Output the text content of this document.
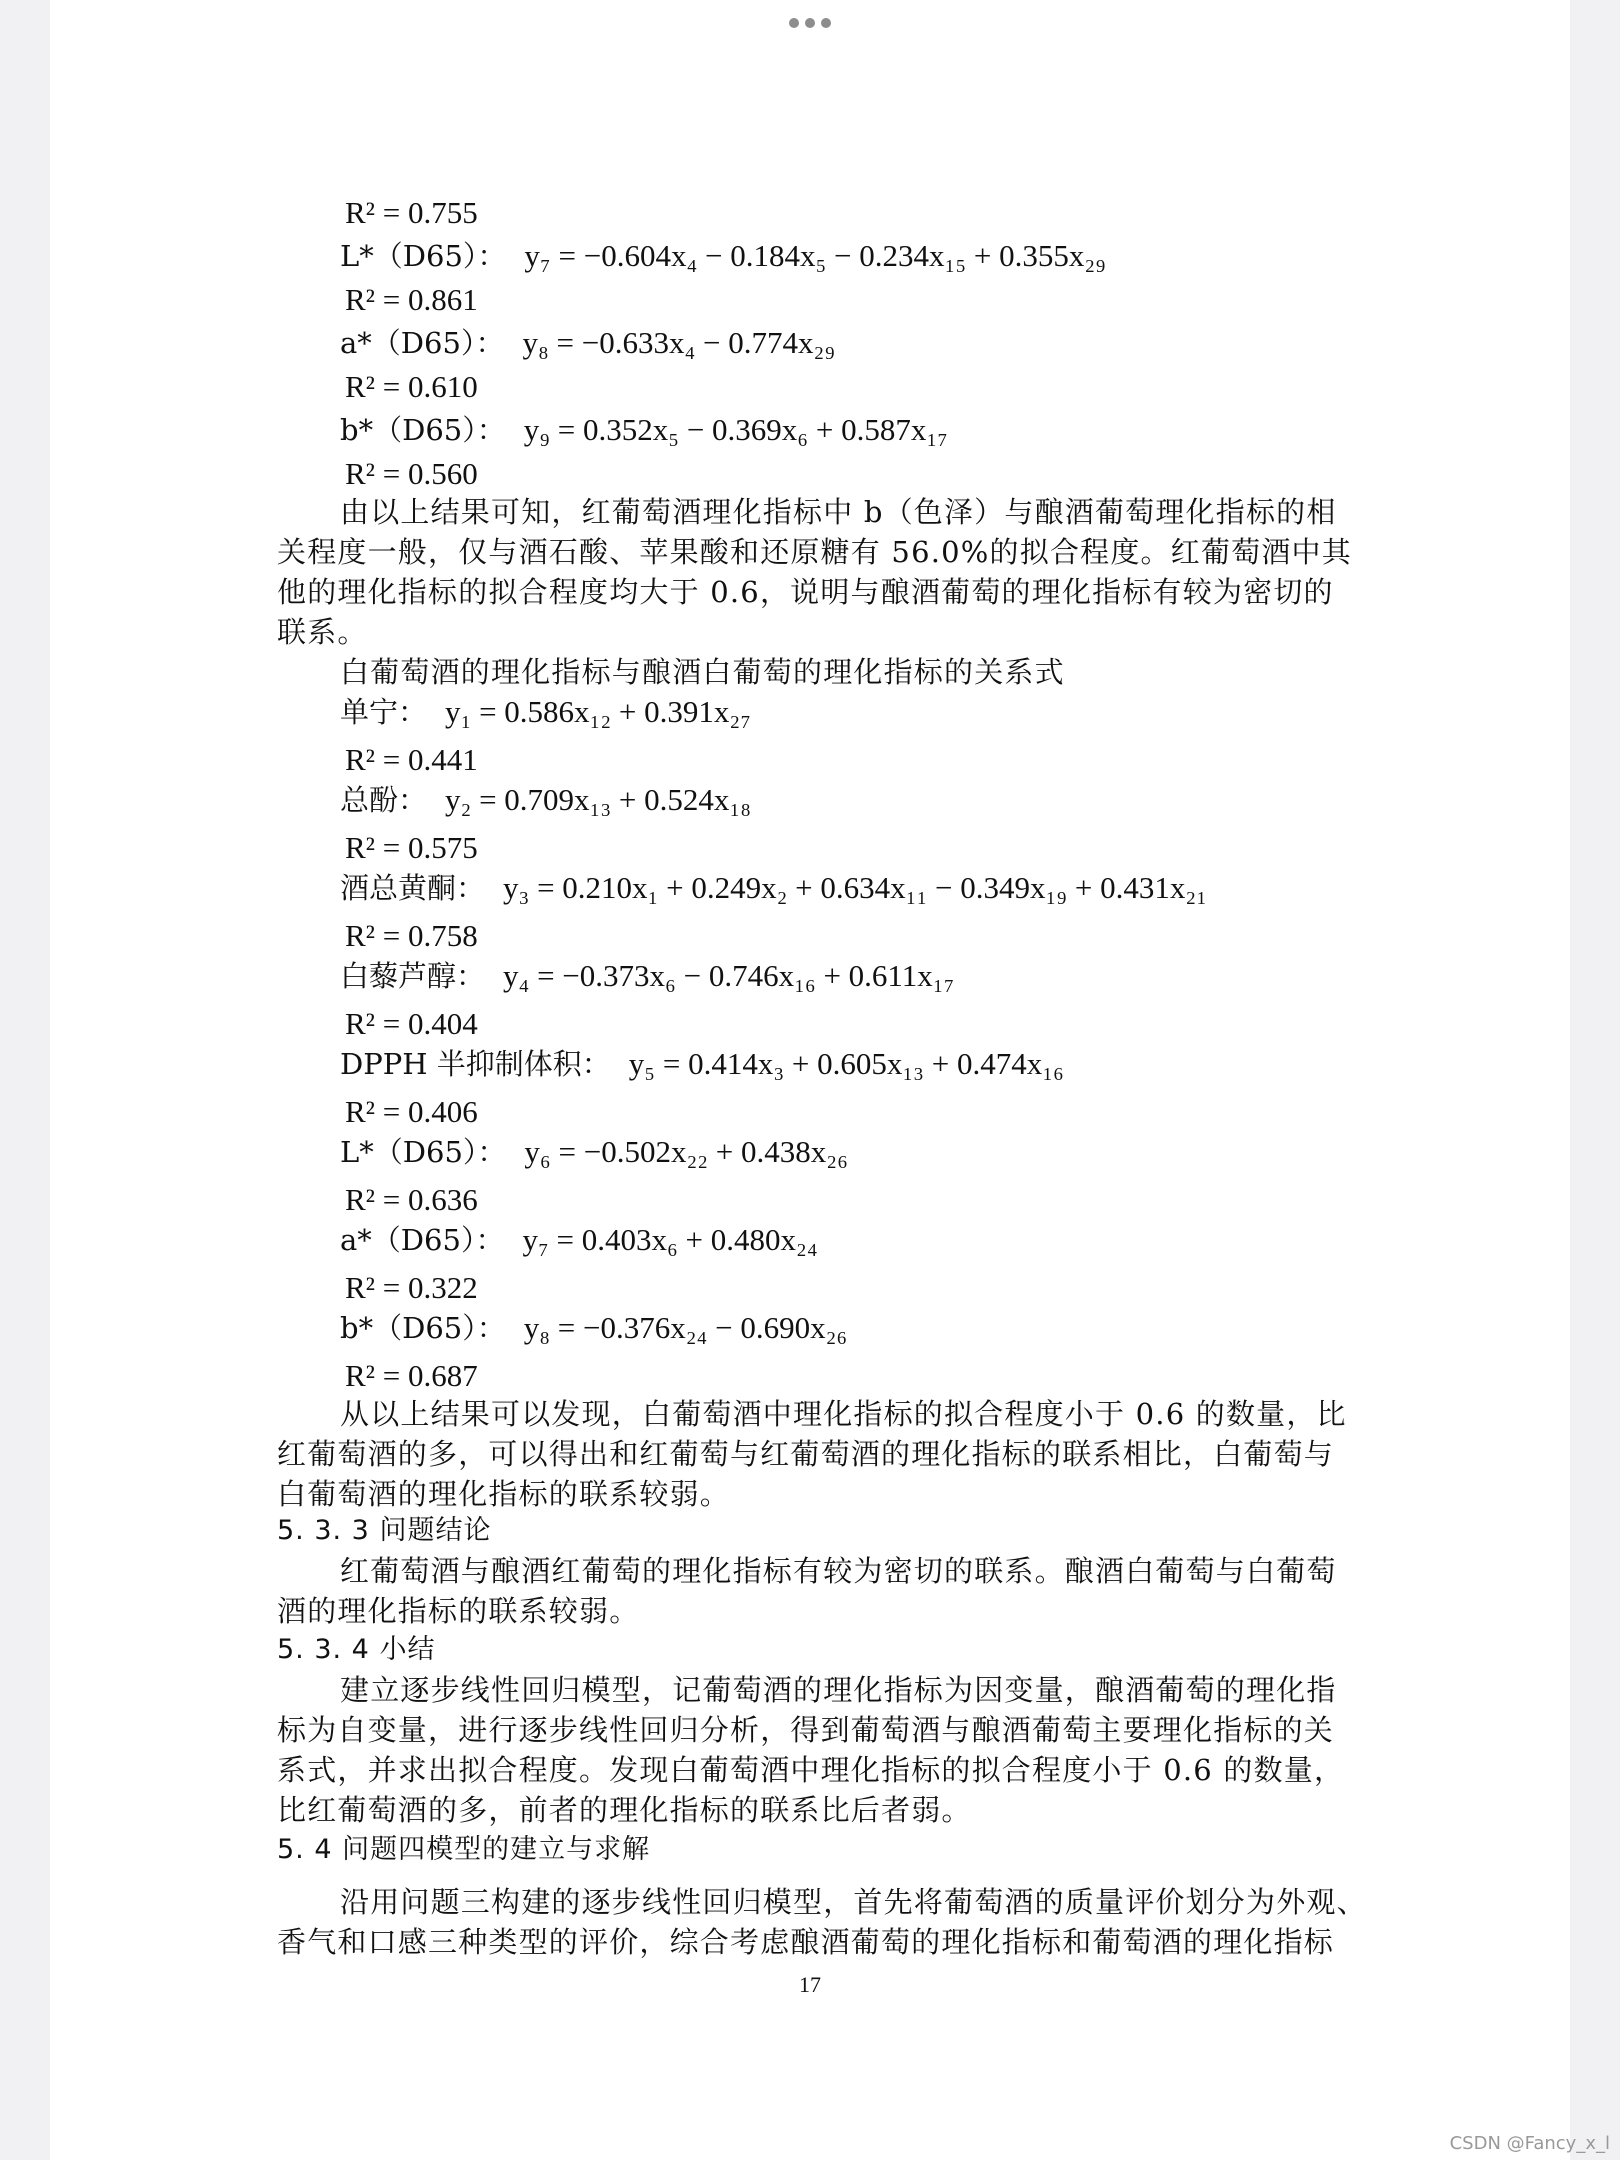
R² = 0.755
L*（D65）： y₇ = −0.604x₄ − 0.184x₅ − 0.234x₁₅ + 0.355x₂₉
R² = 0.861
a*（D65）： y₈ = −0.633x₄ − 0.774x₂₉
R² = 0.610
b*（D65）： y₉ = 0.352x₅ − 0.369x₆ + 0.587x₁₇
R² = 0.560
由以上结果可知，红葡萄酒理化指标中 b（色泽）与酿酒葡萄理化指标的相
关程度一般，仅与酒石酸、苹果酸和还原糖有 56.0%的拟合程度。红葡萄酒中其
他的理化指标的拟合程度均大于 0.6，说明与酿酒葡萄的理化指标有较为密切的
联系。
白葡萄酒的理化指标与酿酒白葡萄的理化指标的关系式
单宁： y₁ = 0.586x₁₂ + 0.391x₂₇
R² = 0.441
总酚： y₂ = 0.709x₁₃ + 0.524x₁₈
R² = 0.575
酒总黄酮： y₃ = 0.210x₁ + 0.249x₂ + 0.634x₁₁ − 0.349x₁₉ + 0.431x₂₁
R² = 0.758
白藜芦醇： y₄ = −0.373x₆ − 0.746x₁₆ + 0.611x₁₇
R² = 0.404
DPPH 半抑制体积： y₅ = 0.414x₃ + 0.605x₁₃ + 0.474x₁₆
R² = 0.406
L*（D65）： y₆ = −0.502x₂₂ + 0.438x₂₆
R² = 0.636
a*（D65）： y₇ = 0.403x₆ + 0.480x₂₄
R² = 0.322
b*（D65）： y₈ = −0.376x₂₄ − 0.690x₂₆
R² = 0.687
从以上结果可以发现，白葡萄酒中理化指标的拟合程度小于 0.6 的数量，比
红葡萄酒的多，可以得出和红葡萄与红葡萄酒的理化指标的联系相比，白葡萄与
白葡萄酒的理化指标的联系较弱。
5. 3. 3 问题结论
红葡萄酒与酿酒红葡萄的理化指标有较为密切的联系。酿酒白葡萄与白葡萄
酒的理化指标的联系较弱。
5. 3. 4 小结
建立逐步线性回归模型，记葡萄酒的理化指标为因变量，酿酒葡萄的理化指
标为自变量，进行逐步线性回归分析，得到葡萄酒与酿酒葡萄主要理化指标的关
系式，并求出拟合程度。发现白葡萄酒中理化指标的拟合程度小于 0.6 的数量，
比红葡萄酒的多，前者的理化指标的联系比后者弱。
5. 4 问题四模型的建立与求解
沿用问题三构建的逐步线性回归模型，首先将葡萄酒的质量评价划分为外观、
香气和口感三种类型的评价，综合考虑酿酒葡萄的理化指标和葡萄酒的理化指标
17
CSDN @Fancy_x_l
